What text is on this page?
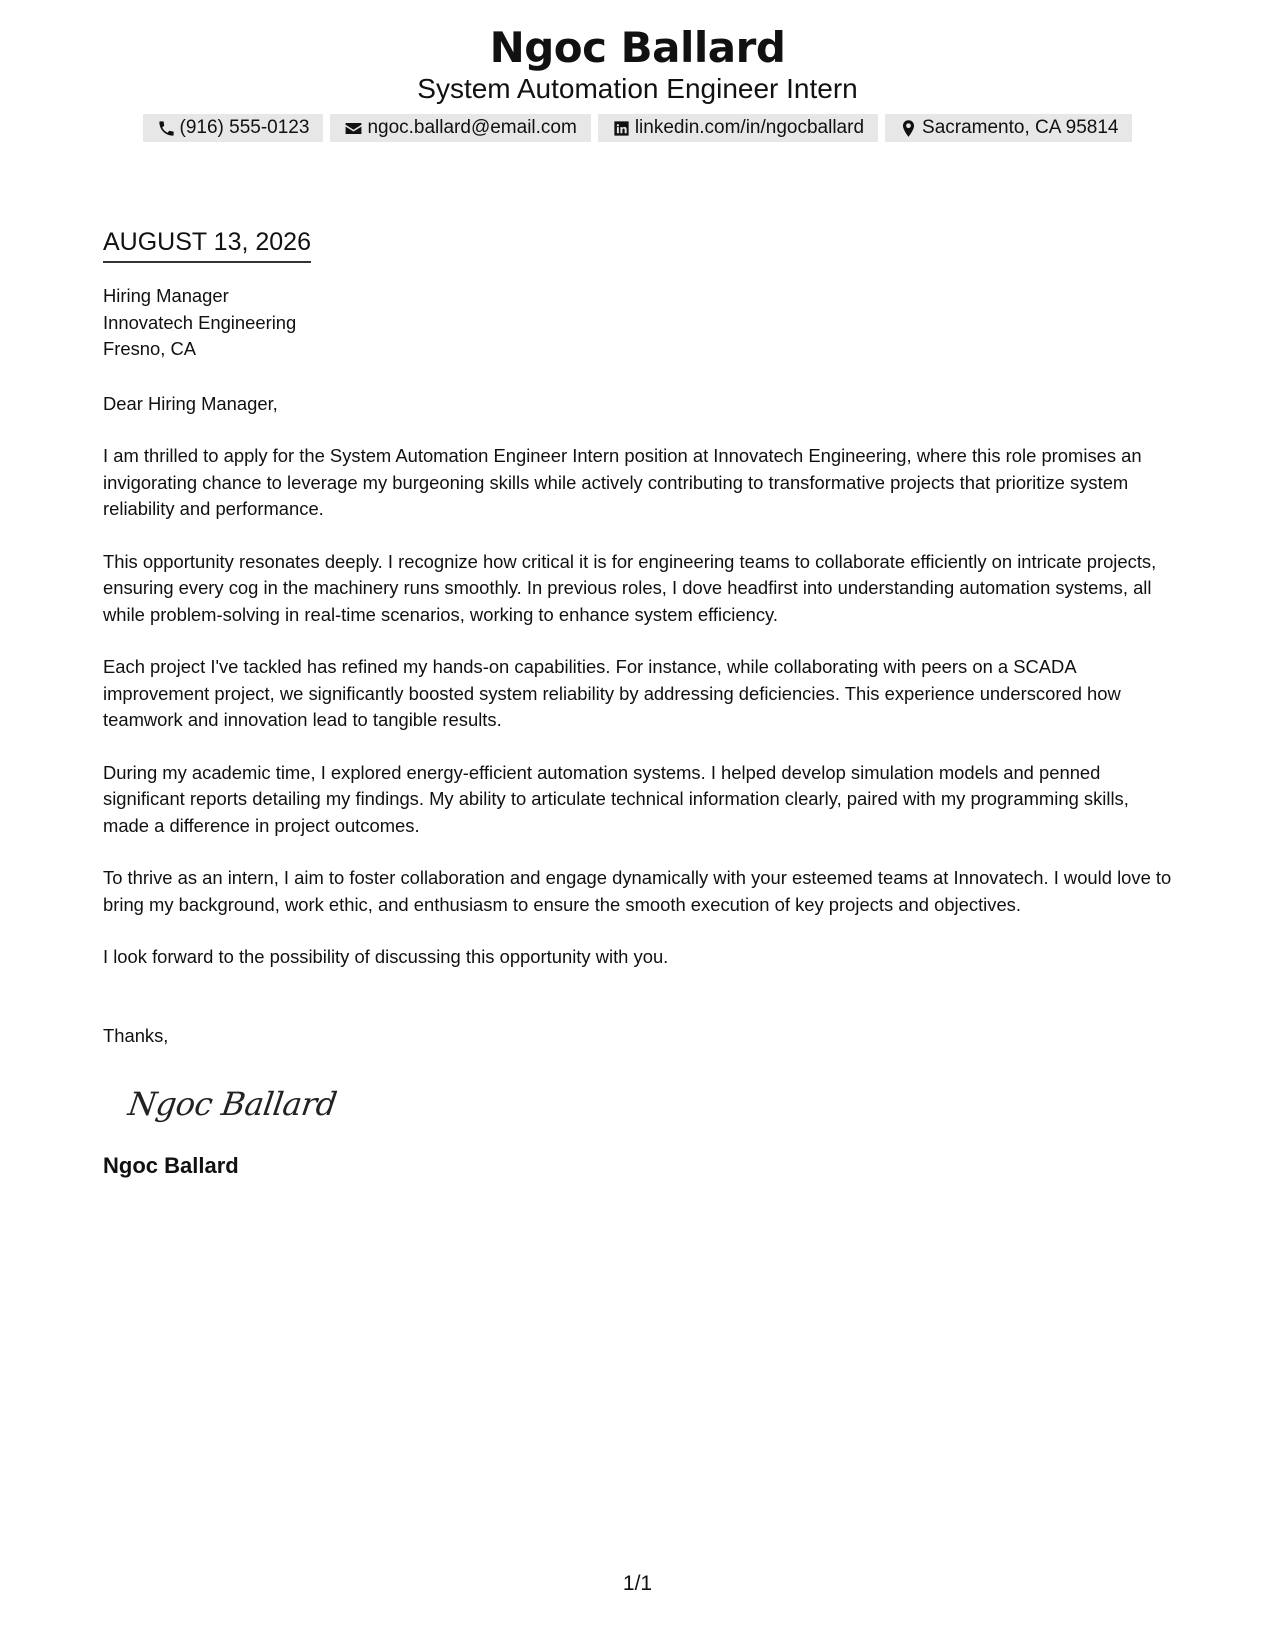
Ngoc Ballard
System Automation Engineer Intern
(916) 555-0123	ngoc.ballard@email.com	linkedin.com/in/ngocballard	Sacramento, CA 95814
AUGUST 13, 2026
Hiring Manager
Innovatech Engineering
Fresno, CA
Dear Hiring Manager,
I am thrilled to apply for the System Automation Engineer Intern position at Innovatech Engineering, where this role promises an invigorating chance to leverage my burgeoning skills while actively contributing to transformative projects that prioritize system reliability and performance.
This opportunity resonates deeply. I recognize how critical it is for engineering teams to collaborate efficiently on intricate projects, ensuring every cog in the machinery runs smoothly. In previous roles, I dove headfirst into understanding automation systems, all while problem-solving in real-time scenarios, working to enhance system efficiency.
Each project I've tackled has refined my hands-on capabilities. For instance, while collaborating with peers on a SCADA improvement project, we significantly boosted system reliability by addressing deficiencies. This experience underscored how teamwork and innovation lead to tangible results.
During my academic time, I explored energy-efficient automation systems. I helped develop simulation models and penned significant reports detailing my findings. My ability to articulate technical information clearly, paired with my programming skills, made a difference in project outcomes.
To thrive as an intern, I aim to foster collaboration and engage dynamically with your esteemed teams at Innovatech. I would love to bring my background, work ethic, and enthusiasm to ensure the smooth execution of key projects and objectives.
I look forward to the possibility of discussing this opportunity with you.
Thanks,
Ngoc Ballard
Ngoc Ballard
1/1
